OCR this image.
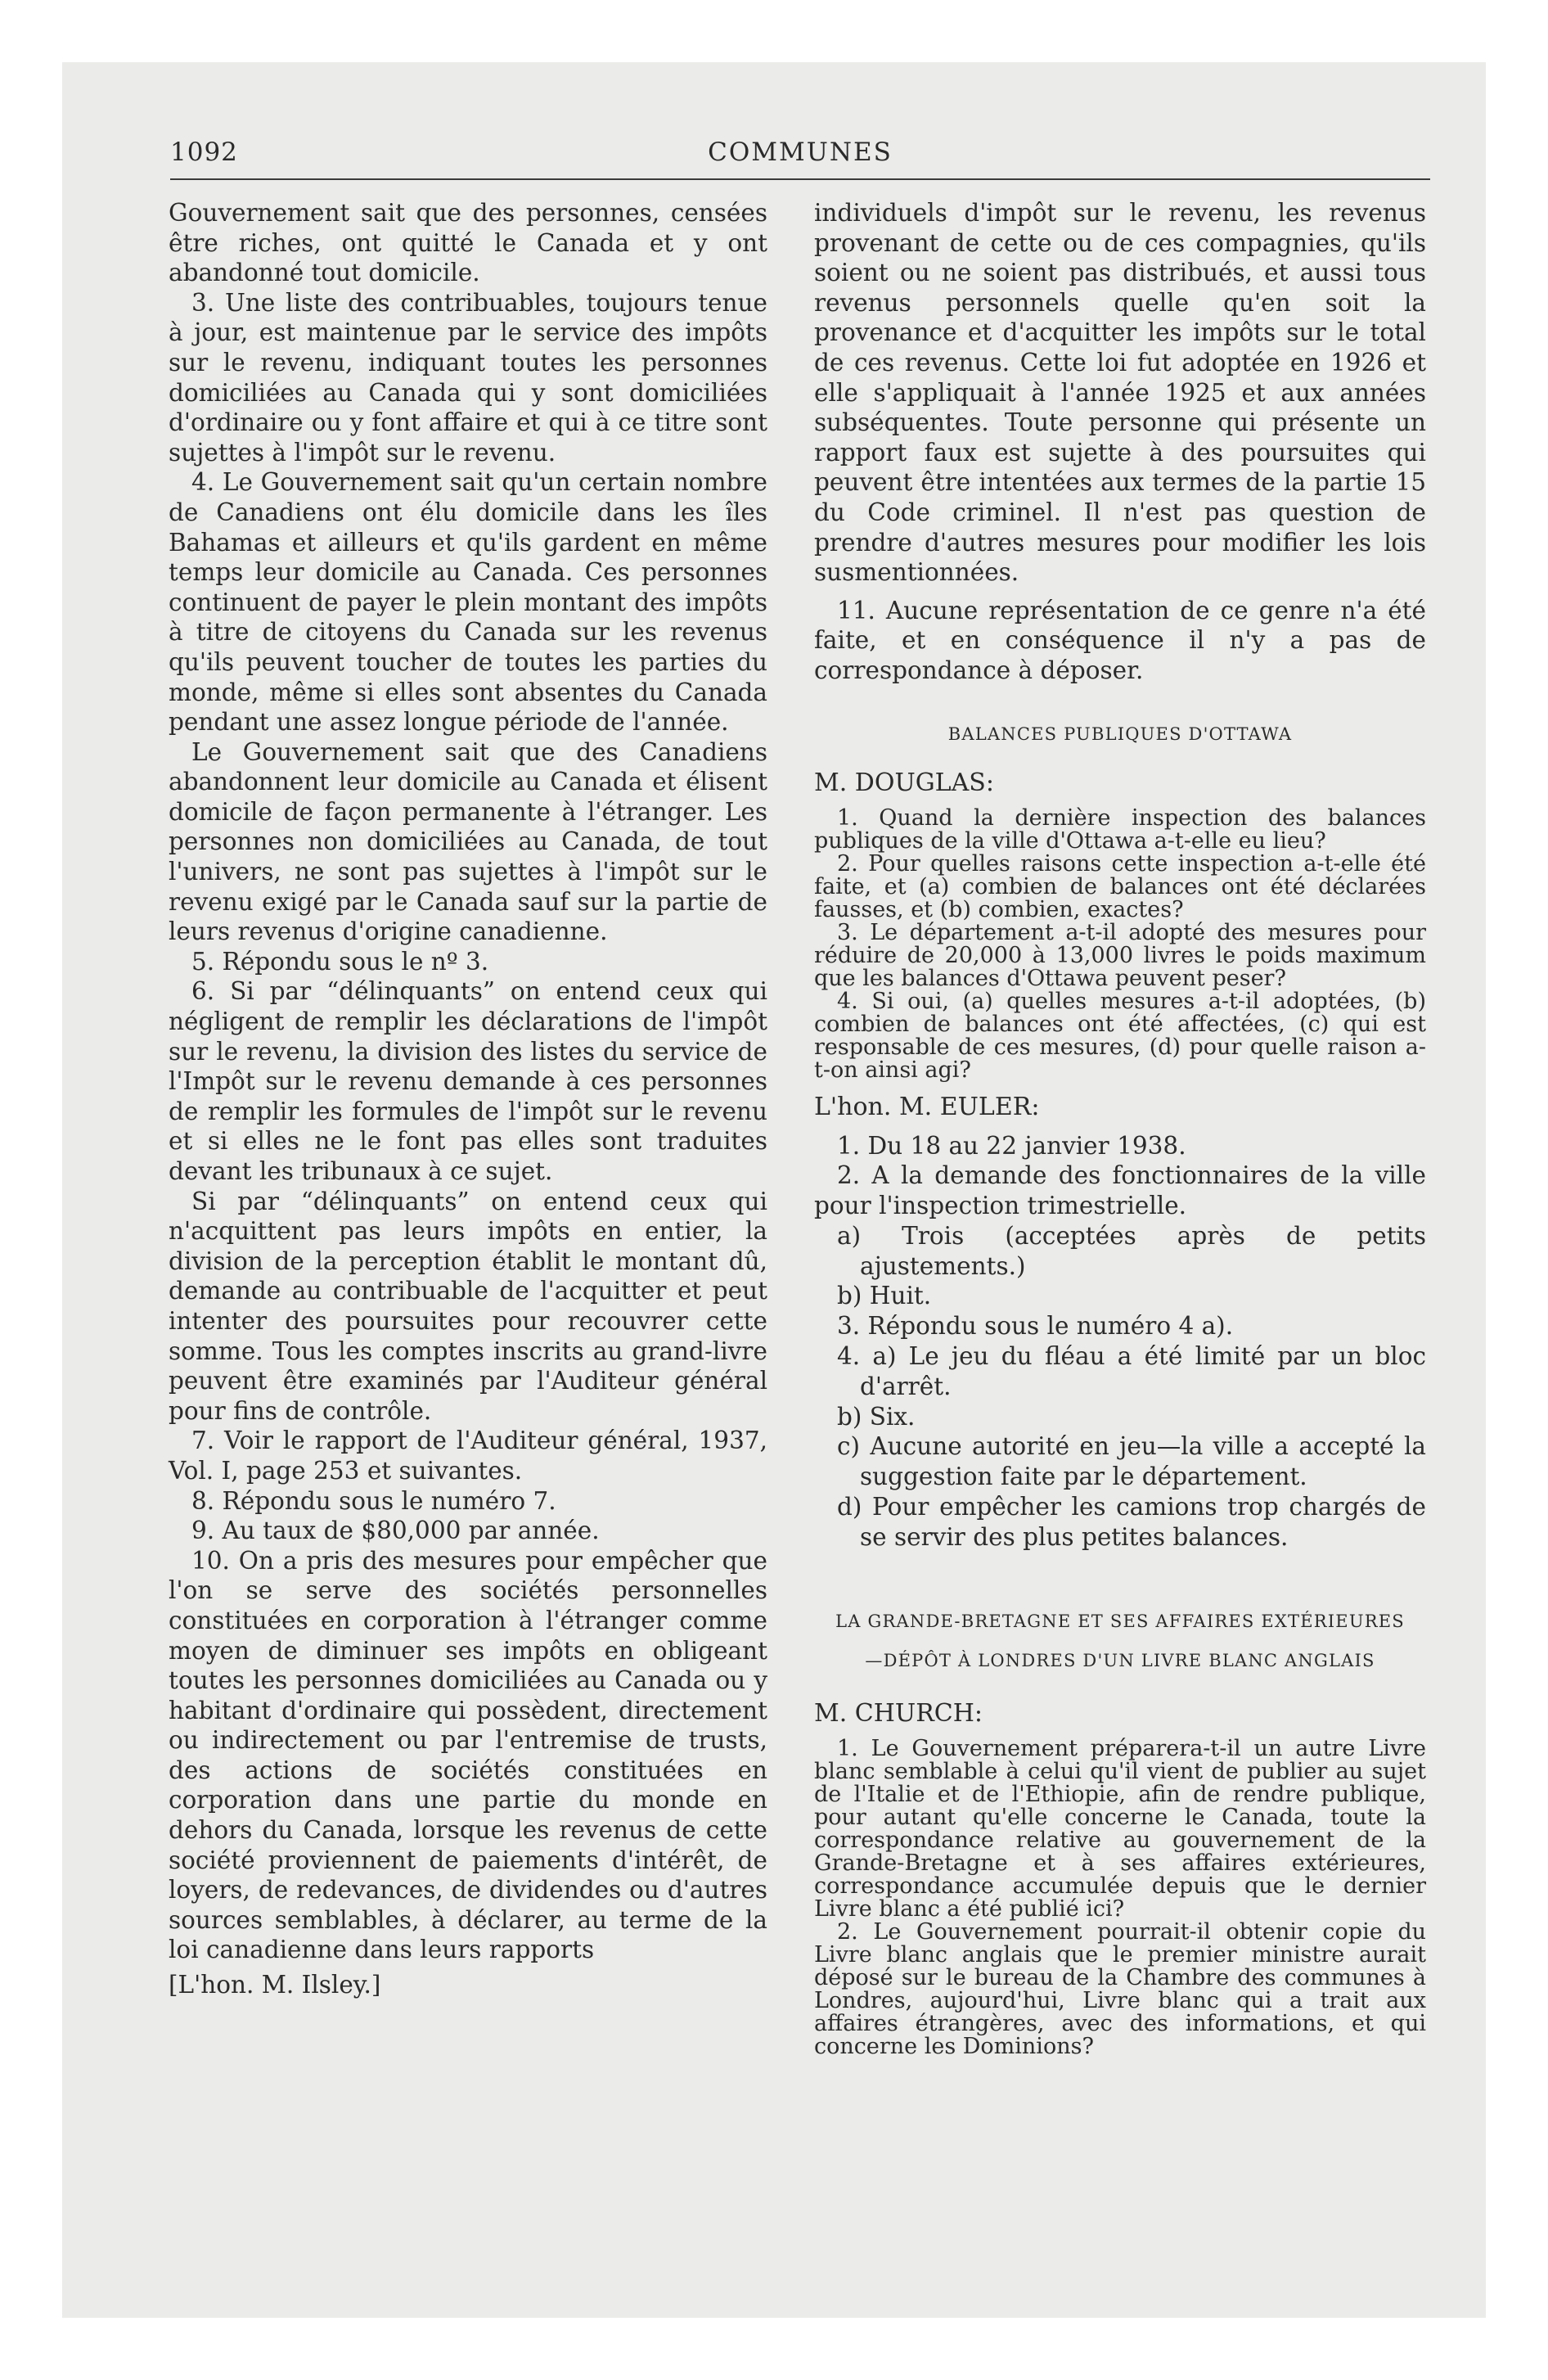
1092	COMMUNES

Gouvernement sait que des personnes, censées être riches, ont quitté le Canada et y ont abandonné tout domicile.

3. Une liste des contribuables, toujours tenue à jour, est maintenue par le service des impôts sur le revenu, indiquant toutes les personnes domiciliées au Canada qui y sont domiciliées d'ordinaire ou y font affaire et qui à ce titre sont sujettes à l'impôt sur le revenu.

4. Le Gouvernement sait qu'un certain nombre de Canadiens ont élu domicile dans les îles Bahamas et ailleurs et qu'ils gardent en même temps leur domicile au Canada. Ces personnes continuent de payer le plein montant des impôts à titre de citoyens du Canada sur les revenus qu'ils peuvent toucher de toutes les parties du monde, même si elles sont absentes du Canada pendant une assez longue période de l'année.

Le Gouvernement sait que des Canadiens abandonnent leur domicile au Canada et élisent domicile de façon permanente à l'étranger. Les personnes non domiciliées au Canada, de tout l'univers, ne sont pas sujettes à l'impôt sur le revenu exigé par le Canada sauf sur la partie de leurs revenus d'origine canadienne.

5. Répondu sous le nº 3.

6. Si par “délinquants” on entend ceux qui négligent de remplir les déclarations de l'impôt sur le revenu, la division des listes du service de l'Impôt sur le revenu demande à ces personnes de remplir les formules de l'impôt sur le revenu et si elles ne le font pas elles sont traduites devant les tribunaux à ce sujet.

Si par “délinquants” on entend ceux qui n'acquittent pas leurs impôts en entier, la division de la perception établit le montant dû, demande au contribuable de l'acquitter et peut intenter des poursuites pour recouvrer cette somme. Tous les comptes inscrits au grand-livre peuvent être examinés par l'Auditeur général pour fins de contrôle.

7. Voir le rapport de l'Auditeur général, 1937, Vol. I, page 253 et suivantes.

8. Répondu sous le numéro 7.

9. Au taux de $80,000 par année.

10. On a pris des mesures pour empêcher que l'on se serve des sociétés personnelles constituées en corporation à l'étranger comme moyen de diminuer ses impôts en obligeant toutes les personnes domiciliées au Canada ou y habitant d'ordinaire qui possèdent, directement ou indirectement ou par l'entremise de trusts, des actions de sociétés constituées en corporation dans une partie du monde en dehors du Canada, lorsque les revenus de cette société proviennent de paiements d'intérêt, de loyers, de redevances, de dividendes ou d'autres sources semblables, à déclarer, au terme de la loi canadienne dans leurs rapports

[L'hon. M. Ilsley.]

individuels d'impôt sur le revenu, les revenus provenant de cette ou de ces compagnies, qu'ils soient ou ne soient pas distribués, et aussi tous revenus personnels quelle qu'en soit la provenance et d'acquitter les impôts sur le total de ces revenus. Cette loi fut adoptée en 1926 et elle s'appliquait à l'année 1925 et aux années subséquentes. Toute personne qui présente un rapport faux est sujette à des poursuites qui peuvent être intentées aux termes de la partie 15 du Code criminel. Il n'est pas question de prendre d'autres mesures pour modifier les lois susmentionnées.

11. Aucune représentation de ce genre n'a été faite, et en conséquence il n'y a pas de correspondance à déposer.

BALANCES PUBLIQUES D'OTTAWA
M. DOUGLAS:

1. Quand la dernière inspection des balances publiques de la ville d'Ottawa a-t-elle eu lieu?

2. Pour quelles raisons cette inspection a-t-elle été faite, et (a) combien de balances ont été déclarées fausses, et (b) combien, exactes?

3. Le département a-t-il adopté des mesures pour réduire de 20,000 à 13,000 livres le poids maximum que les balances d'Ottawa peuvent peser?

4. Si oui, (a) quelles mesures a-t-il adoptées, (b) combien de balances ont été affectées, (c) qui est responsable de ces mesures, (d) pour quelle raison a-t-on ainsi agi?

L'hon. M. EULER:

1. Du 18 au 22 janvier 1938.

2. A la demande des fonctionnaires de la ville pour l'inspection trimestrielle.

a) Trois (acceptées après de petits ajustements.)

b) Huit.

3. Répondu sous le numéro 4 a).

4. a) Le jeu du fléau a été limité par un bloc d'arrêt.

b) Six.

c) Aucune autorité en jeu—la ville a accepté la suggestion faite par le département.

d) Pour empêcher les camions trop chargés de se servir des plus petites balances.

LA GRANDE-BRETAGNE ET SES AFFAIRES EXTÉRIEURES
—DÉPÔT À LONDRES D'UN LIVRE BLANC ANGLAIS
M. CHURCH:

1. Le Gouvernement préparera-t-il un autre Livre blanc semblable à celui qu'il vient de publier au sujet de l'Italie et de l'Ethiopie, afin de rendre publique, pour autant qu'elle concerne le Canada, toute la correspondance relative au gouvernement de la Grande-Bretagne et à ses affaires extérieures, correspondance accumulée depuis que le dernier Livre blanc a été publié ici?

2. Le Gouvernement pourrait-il obtenir copie du Livre blanc anglais que le premier ministre aurait déposé sur le bureau de la Chambre des communes à Londres, aujourd'hui, Livre blanc qui a trait aux affaires étrangères, avec des informations, et qui concerne les Dominions?
